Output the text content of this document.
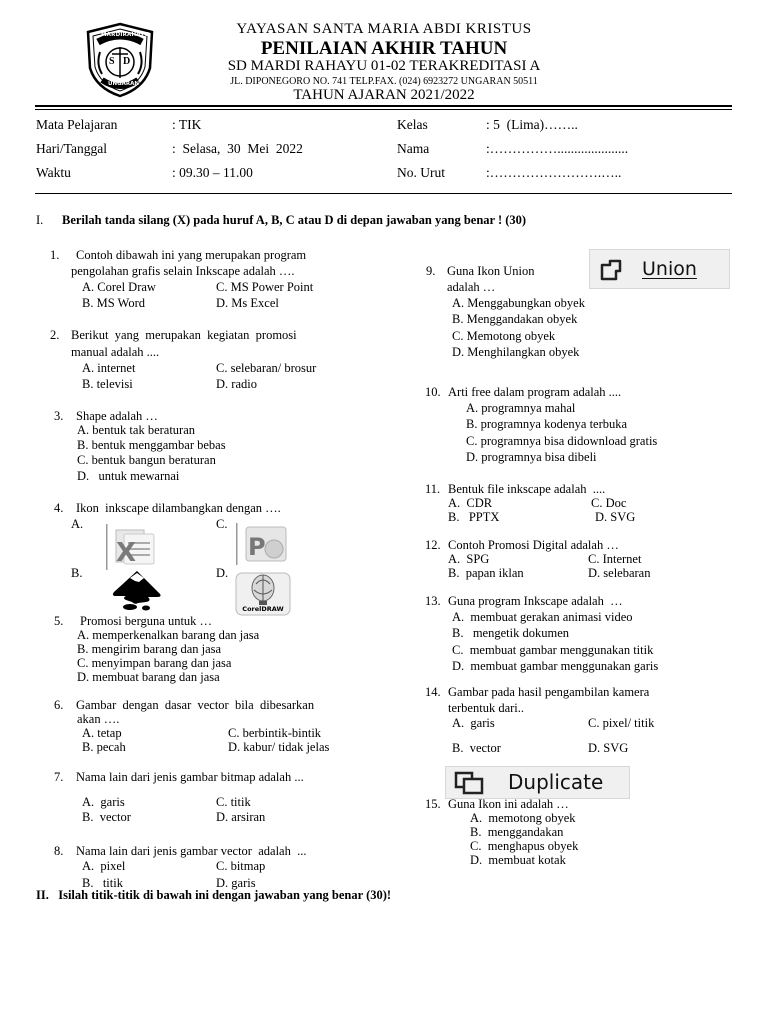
MARDIRAHAYU
S D
UNGARAN
YAYASAN SANTA MARIA ABDI KRISTUS
PENILAIAN AKHIR TAHUN
SD MARDI RAHAYU 01-02 TERAKREDITASI A
JL. DIPONEGORO NO. 741 TELP.FAX. (024) 6923272 UNGARAN 50511
TAHUN AJARAN 2021/2022
Mata Pelajaran	: TIK
Hari/Tanggal	:  Selasa,  30  Mei  2022
Waktu	: 09.30 – 11.00
Kelas	: 5  (Lima)……..
Nama	:…………….....................
No. Urut	:…………………….…..
I. Berilah tanda silang (X) pada huruf A, B, C atau D di depan jawaban yang benar ! (30)
1. Contoh dibawah ini yang merupakan program
pengolahan grafis selain Inkscape adalah ….
A. Corel Draw	C. MS Power Point
B. MS Word	D. Ms Excel
2. Berikut  yang  merupakan  kegiatan  promosi
manual adalah ....
A. internet	C. selebaran/ brosur
B. televisi	D. radio
3. Shape adalah …
A. bentuk tak beraturan
B. bentuk menggambar bebas
C. bentuk bangun beraturan
D.   untuk mewarnai
4. Ikon  inkscape dilambangkan dengan ….
A.	C.
B.	D.
X	P
CorelDRAW
5. Promosi berguna untuk …
A. memperkenalkan barang dan jasa
B. mengirim barang dan jasa
C. menyimpan barang dan jasa
D. membuat barang dan jasa
6. Gambar  dengan  dasar  vector  bila  dibesarkan
akan ….
A. tetap	C. berbintik-bintik
B. pecah	D. kabur/ tidak jelas
7. Nama lain dari jenis gambar bitmap adalah ...
A.  garis	C. titik
B.  vector	D. arsiran
8. Nama lain dari jenis gambar vector  adalah  ...
A.  pixel	C. bitmap
B.   titik	D. garis
II.   Isilah titik-titik di bawah ini dengan jawaban yang benar (30)!
9. Guna Ikon Union
adalah …
Union
A. Menggabungkan obyek
B. Menggandakan obyek
C. Memotong obyek
D. Menghilangkan obyek
10. Arti free dalam program adalah ....
A. programnya mahal
B. programnya kodenya terbuka
C. programnya bisa didownload gratis
D. programnya bisa dibeli
11. Bentuk file inkscape adalah  ....
A.  CDR	C. Doc
B.   PPTX	D. SVG
12. Contoh Promosi Digital adalah …
A.  SPG	C. Internet
B.  papan iklan	D. selebaran
13. Guna program Inkscape adalah  …
A.  membuat gerakan animasi video
B.   mengetik dokumen
C.  membuat gambar menggunakan titik
D.  membuat gambar menggunakan garis
14. Gambar pada hasil pengambilan kamera
terbentuk dari..
A.  garis	C. pixel/ titik
B.  vector	D. SVG
Duplicate
15. Guna Ikon ini adalah …
A.  memotong obyek
B.  menggandakan
C.  menghapus obyek
D.  membuat kotak
